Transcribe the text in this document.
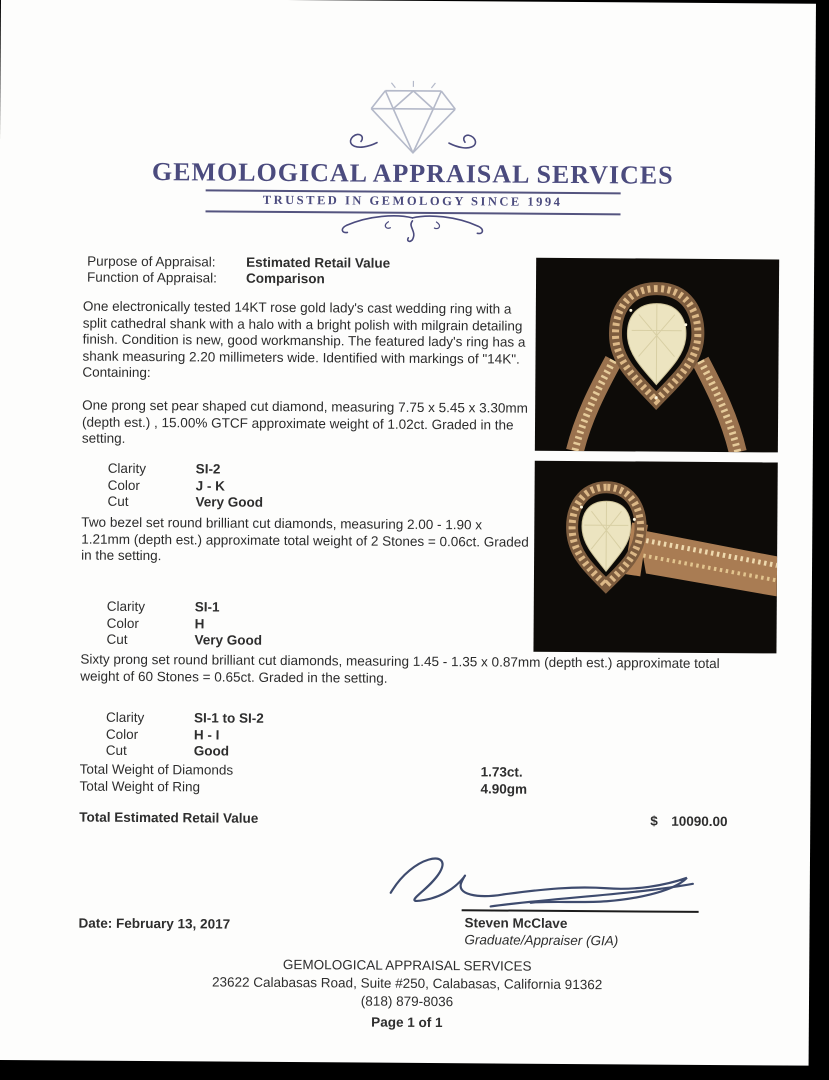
GEMOLOGICAL APPRAISAL SERVICES
TRUSTED IN GEMOLOGY SINCE 1994
Purpose of Appraisal: Estimated Retail Value
Function of Appraisal: Comparison
One electronically tested 14KT rose gold lady's cast wedding ring with a split cathedral shank with a halo with a bright polish with milgrain detailing finish. Condition is new, good workmanship. The featured lady's ring has a shank measuring 2.20 millimeters wide. Identified with markings of "14K". Containing:
One prong set pear shaped cut diamond, measuring 7.75 x 5.45 x 3.30mm (depth est.) , 15.00% GTCF approximate weight of 1.02ct. Graded in the setting.
Clarity	SI-2
Color	J - K
Cut	Very Good
Two bezel set round brilliant cut diamonds, measuring 2.00 - 1.90 x 1.21mm (depth est.) approximate total weight of 2 Stones = 0.06ct. Graded in the setting.
Clarity	SI-1
Color	H
Cut	Very Good
Sixty prong set round brilliant cut diamonds, measuring 1.45 - 1.35 x 0.87mm (depth est.) approximate total weight of 60 Stones = 0.65ct. Graded in the setting.
Clarity	SI-1 to SI-2
Color	H - I
Cut	Good
Total Weight of Diamonds	1.73ct.
Total Weight of Ring	4.90gm
Total Estimated Retail Value	$ 10090.00
Date: February 13, 2017	Steven McClave
Graduate/Appraiser (GIA)
GEMOLOGICAL APPRAISAL SERVICES
23622 Calabasas Road, Suite #250, Calabasas, California 91362
(818) 879-8036
Page 1 of 1
